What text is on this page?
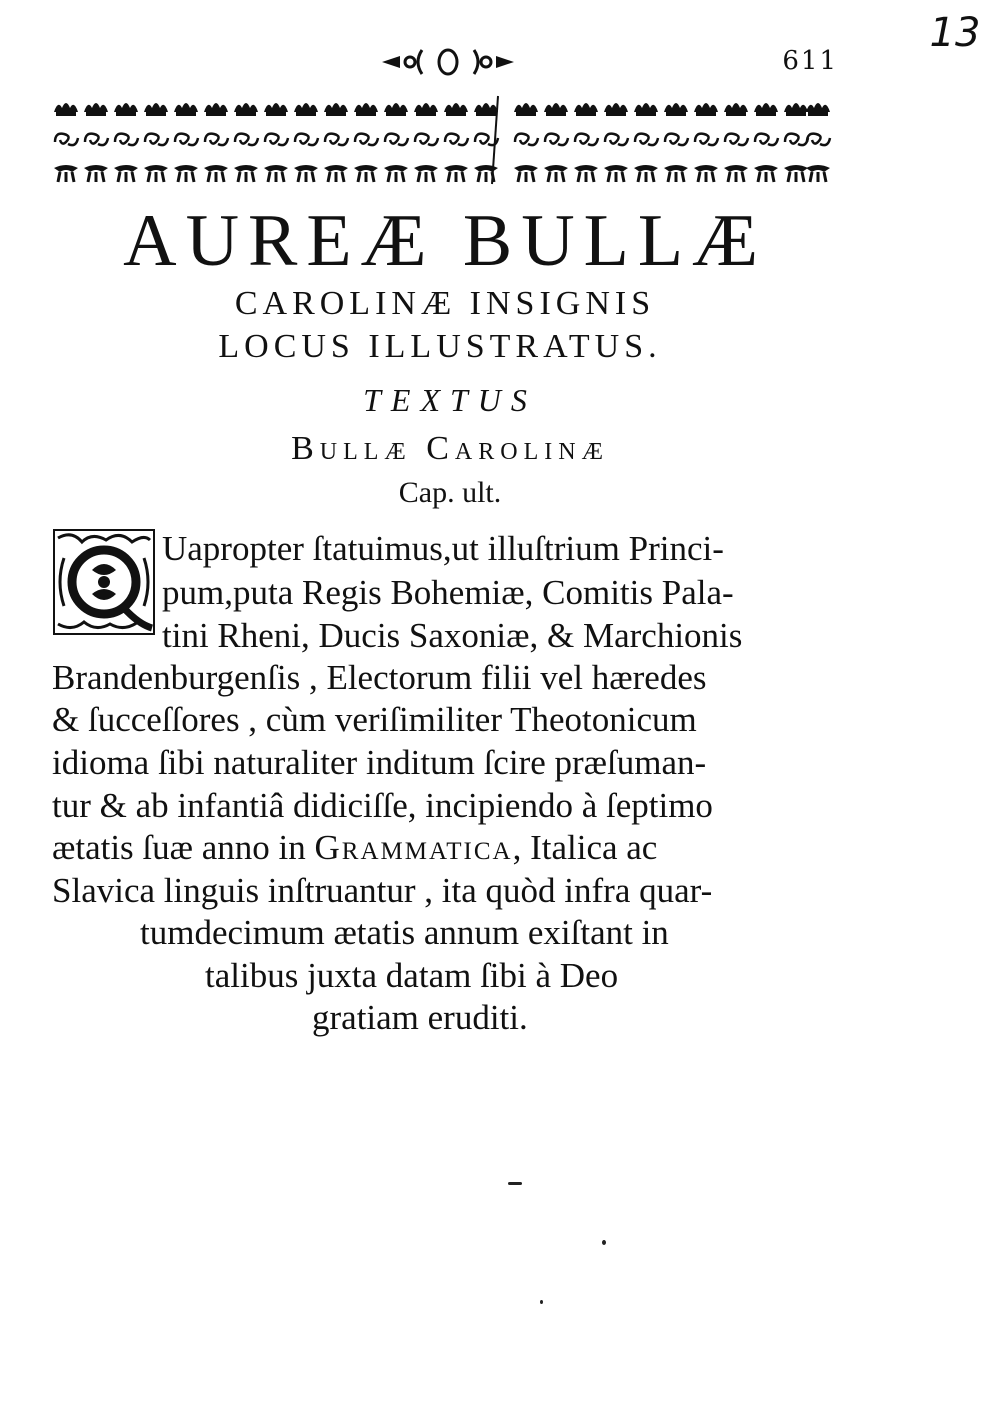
13
611
AUREÆ BULLÆ
CAROLINÆ INSIGNIS
LOCUS ILLUSTRATUS.
TEXTUS
Bullæ Carolinæ
Cap. ult.
Uapropter ſtatuimus,ut illuſtrium Princi-
pum,puta Regis Bohemiæ, Comitis Pala-
tini Rheni, Ducis Saxoniæ, & Marchionis
Brandenburgenſis , Electorum filii vel hæredes
& ſucceſſores , cùm veriſimiliter Theotonicum
idioma ſibi naturaliter inditum ſcire præſuman-
tur & ab infantiâ didiciſſe, incipiendo à ſeptimo
ætatis ſuæ anno in Grammatica, Italica ac
Slavica linguis inſtruantur , ita quòd infra quar-
tumdecimum ætatis annum exiſtant in
talibus juxta datam ſibi à Deo
gratiam eruditi.
